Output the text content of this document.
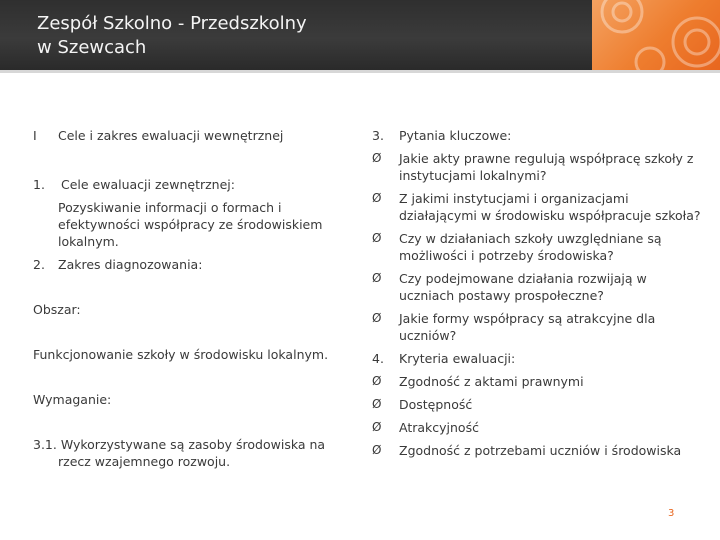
Zespół Szkolno - Przedszkolny
w Szewcach
I	Cele i zakres ewaluacji wewnętrznej
1.	Cele ewaluacji zewnętrznej:
Pozyskiwanie informacji o formach i efektywności współpracy ze środowiskiem lokalnym.
2.	Zakres diagnozowania:
Obszar:
Funkcjonowanie szkoły w środowisku lokalnym.
Wymaganie:
3.1. Wykorzystywane są zasoby środowiska na rzecz wzajemnego rozwoju.
3.	Pytania kluczowe:
Ø	Jakie akty prawne regulują współpracę szkoły z instytucjami lokalnymi?
Ø	Z jakimi instytucjami i organizacjami działającymi w środowisku współpracuje szkoła?
Ø	Czy w działaniach szkoły uwzględniane są możliwości i potrzeby środowiska?
Ø	Czy podejmowane działania rozwijają w uczniach postawy prospołeczne?
Ø	Jakie formy współpracy są atrakcyjne dla uczniów?
4.	Kryteria ewaluacji:
Ø	Zgodność z aktami prawnymi
Ø	Dostępność
Ø	Atrakcyjność
Ø	Zgodność z potrzebami uczniów i środowiska
3
